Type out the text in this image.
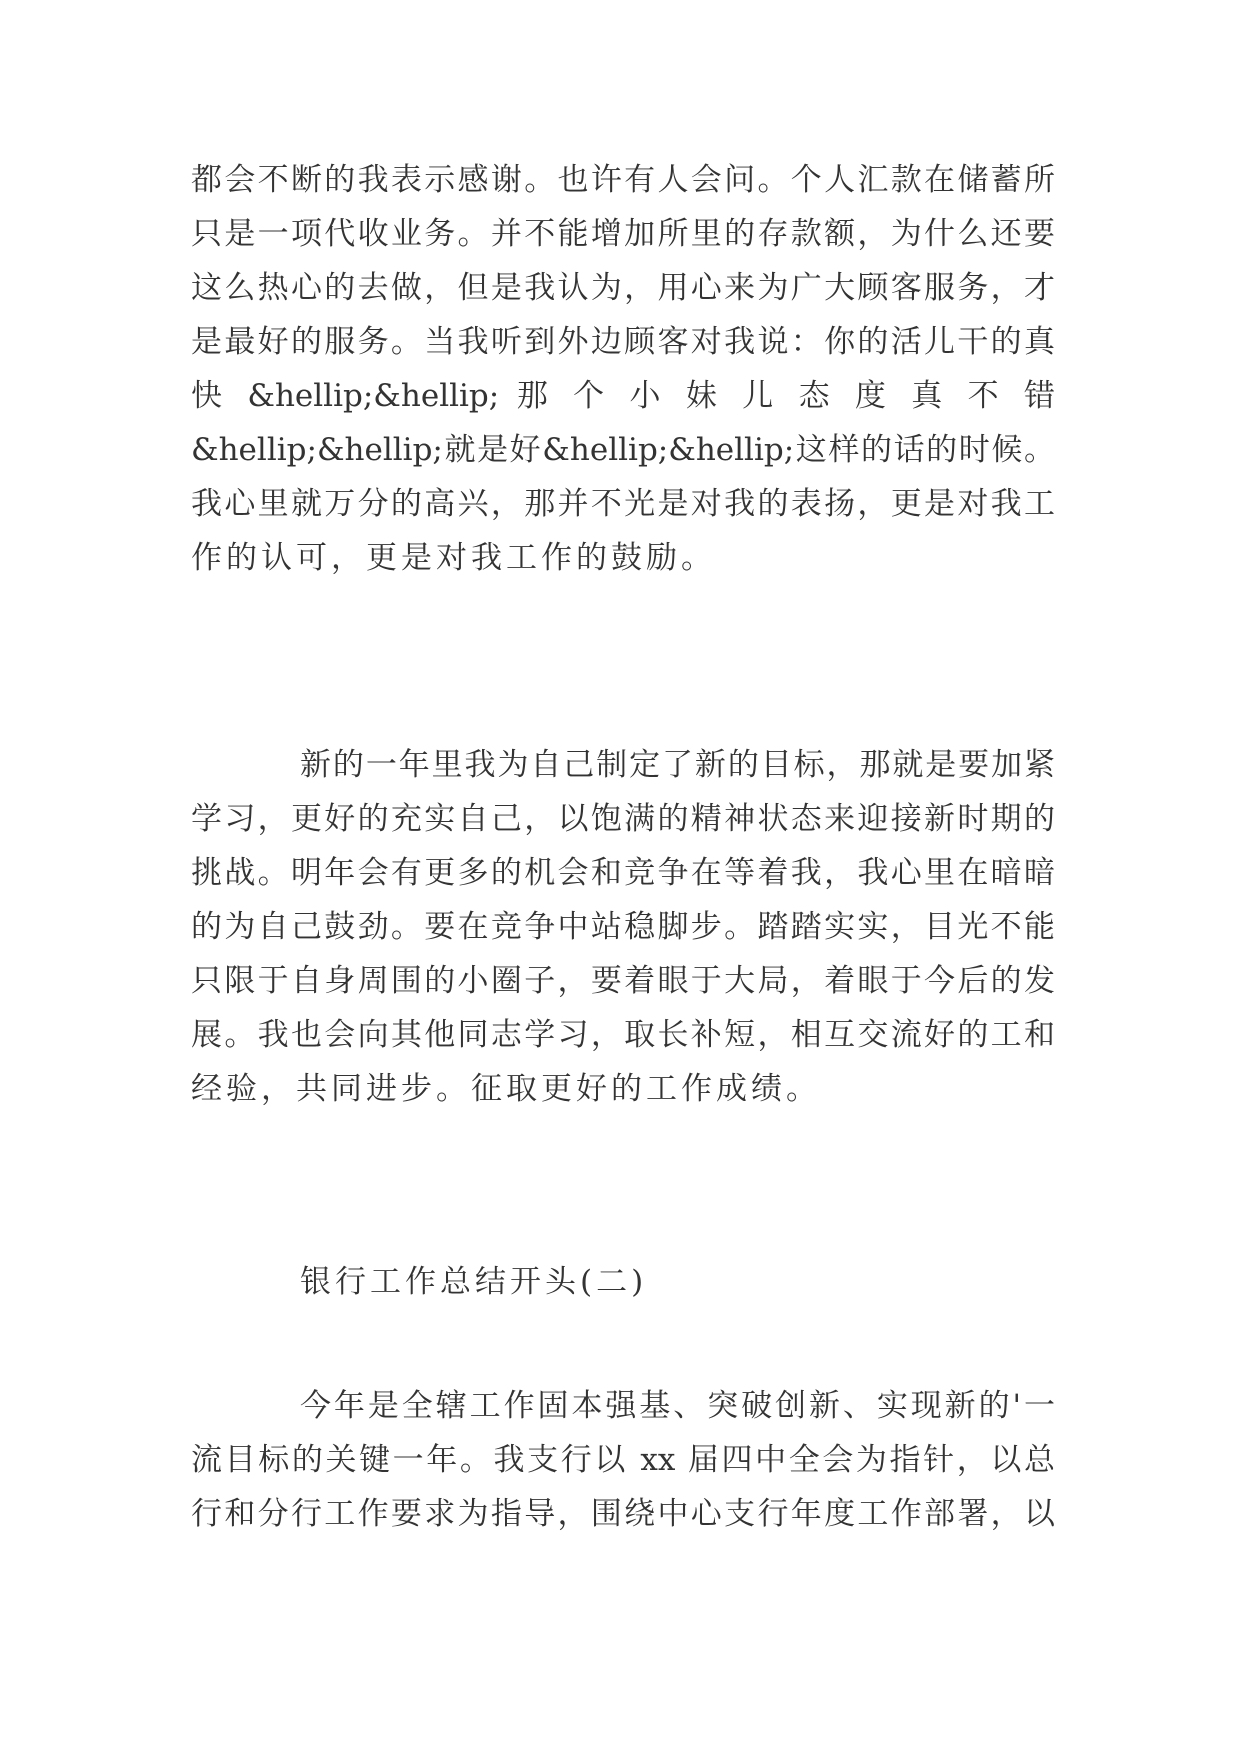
都会不断的我表示感谢。也许有人会问。个人汇款在储蓄所
只是一项代收业务。并不能增加所里的存款额，为什么还要
这么热心的去做，但是我认为，用心来为广大顾客服务，才
是最好的服务。当我听到外边顾客对我说：你的活儿干的真
快 &hellip;&hellip; 那 个 小 妹 儿 态 度 真 不 错
&hellip;&hellip;就是好&hellip;&hellip;这样的话的时候。
我心里就万分的高兴，那并不光是对我的表扬，更是对我工
作的认可，更是对我工作的鼓励。
新的一年里我为自己制定了新的目标，那就是要加紧
学习，更好的充实自己，以饱满的精神状态来迎接新时期的
挑战。明年会有更多的机会和竞争在等着我，我心里在暗暗
的为自己鼓劲。要在竞争中站稳脚步。踏踏实实，目光不能
只限于自身周围的小圈子，要着眼于大局，着眼于今后的发
展。我也会向其他同志学习，取长补短，相互交流好的工和
经验，共同进步。征取更好的工作成绩。
银行工作总结开头(二)
今年是全辖工作固本强基、突破创新、实现新的'一
流目标的关键一年。我支行以 xx 届四中全会为指针，以总
行和分行工作要求为指导，围绕中心支行年度工作部署，以
